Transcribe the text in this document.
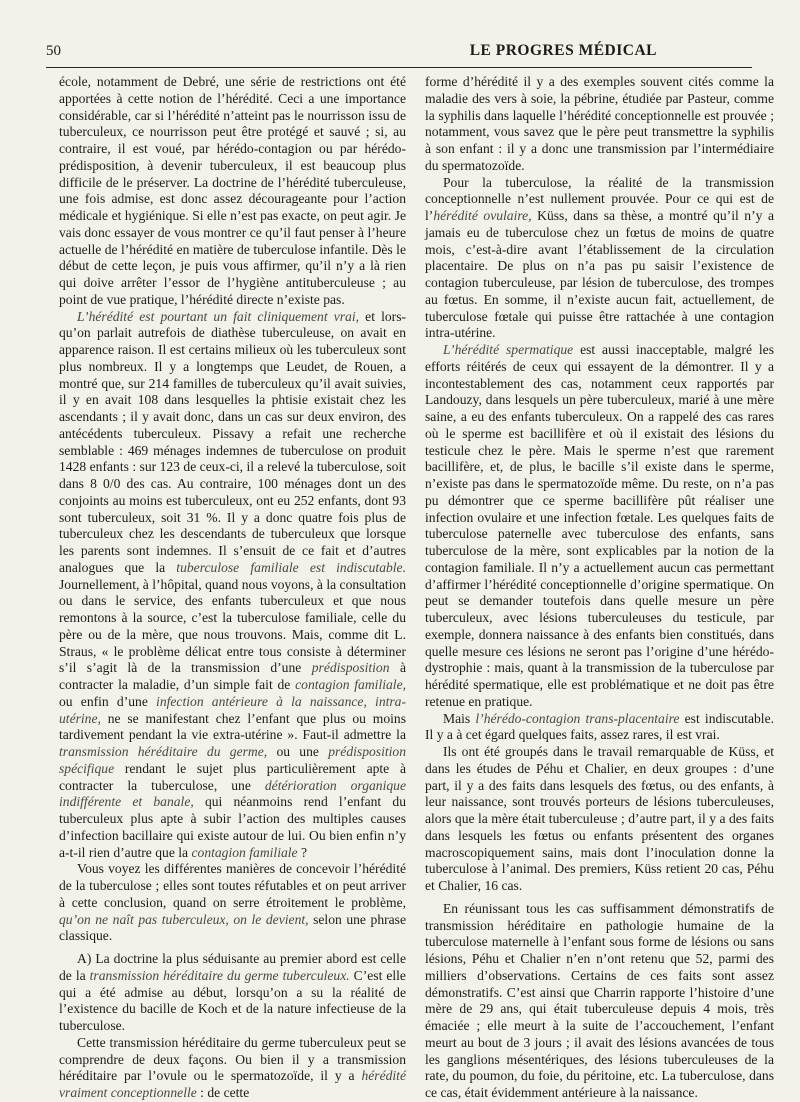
50	LE PROGRES MÉDICAL

école, notamment de Debré, une série de restrictions ont été apportées à cette notion de l’hérédité. Ceci a une importance considérable, car si l’hérédité n’atteint pas le nourrisson issu de tuberculeux, ce nourrisson peut être protégé et sauvé ; si, au contraire, il est voué, par hérédo-contagion ou par hérédo-prédisposition, à devenir tuberculeux, il est beaucoup plus difficile de le préserver. La doctrine de l’hérédité tuberculeuse, une fois admise, est donc assez décourageante pour l’action médicale et hygiénique. Si elle n’est pas exacte, on peut agir. Je vais donc essayer de vous montrer ce qu’il faut penser à l’heure actuelle de l’hérédité en matière de tuberculose infantile. Dès le début de cette leçon, je puis vous affirmer, qu’il n’y a là rien qui doive arrêter l’essor de l’hygiène antituberculeuse ; au point de vue pratique, l’hérédité directe n’existe pas.

L’hérédité est pourtant un fait cliniquement vrai, et lors-qu’on parlait autrefois de diathèse tuberculeuse, on avait en apparence raison. Il est certains milieux où les tuberculeux sont plus nombreux. Il y a longtemps que Leudet, de Rouen, a montré que, sur 214 familles de tuberculeux qu’il avait suivies, il y en avait 108 dans lesquelles la phtisie existait chez les ascendants ; il y avait donc, dans un cas sur deux environ, des antécédents tuberculeux. Pissavy a refait une recherche semblable : 469 ménages indemnes de tuberculose on produit 1428 enfants : sur 123 de ceux-ci, il a relevé la tuberculose, soit dans 8 0/0 des cas. Au contraire, 100 ménages dont un des conjoints au moins est tuberculeux, ont eu 252 enfants, dont 93 sont tuberculeux, soit 31 %. Il y a donc quatre fois plus de tuberculeux chez les descendants de tuberculeux que lorsque les parents sont indemnes. Il s’ensuit de ce fait et d’autres analogues que la tuberculose familiale est indiscutable. Journellement, à l’hôpital, quand nous voyons, à la consultation ou dans le service, des enfants tuberculeux et que nous remontons à la source, c’est la tuberculose familiale, celle du père ou de la mère, que nous trouvons. Mais, comme dit L. Straus, « le problème délicat entre tous consiste à déterminer s’il s’agit là de la transmission d’une prédisposition à contracter la maladie, d’un simple fait de contagion familiale, ou enfin d’une infection antérieure à la naissance, intra-utérine, ne se manifestant chez l’enfant que plus ou moins tardivement pendant la vie extra-utérine ». Faut-il admettre la transmission héréditaire du germe, ou une prédisposition spécifique rendant le sujet plus particulièrement apte à contracter la tuberculose, une détérioration organique indifférente et banale, qui néanmoins rend l’enfant du tuberculeux plus apte à subir l’action des multiples causes d’infection bacillaire qui existe autour de lui. Ou bien enfin n’y a-t-il rien d’autre que la contagion familiale ?

Vous voyez les différentes manières de concevoir l’hérédité de la tuberculose ; elles sont toutes réfutables et on peut arriver à cette conclusion, quand on serre étroitement le problème, qu’on ne naît pas tuberculeux, on le devient, selon une phrase classique.

A) La doctrine la plus séduisante au premier abord est celle de la transmission héréditaire du germe tuberculeux. C’est elle qui a été admise au début, lorsqu’on a su la réalité de l’existence du bacille de Koch et de la nature infectieuse de la tuberculose.

Cette transmission héréditaire du germe tuberculeux peut se comprendre de deux façons. Ou bien il y a transmission héréditaire par l’ovule ou le spermatozoïde, il y a hérédité vraiment conceptionnelle : de cette

forme d’hérédité il y a des exemples souvent cités comme la maladie des vers à soie, la pébrine, étudiée par Pasteur, comme la syphilis dans laquelle l’hérédité conceptionnelle est prouvée ; notamment, vous savez que le père peut transmettre la syphilis à son enfant : il y a donc une transmission par l’intermédiaire du spermatozoïde.

Pour la tuberculose, la réalité de la transmission conceptionnelle n’est nullement prouvée. Pour ce qui est de l’hérédité ovulaire, Küss, dans sa thèse, a montré qu’il n’y a jamais eu de tuberculose chez un fœtus de moins de quatre mois, c’est-à-dire avant l’établissement de la circulation placentaire. De plus on n’a pas pu saisir l’existence de contagion tuberculeuse, par lésion de tuberculose, des trompes au fœtus. En somme, il n’existe aucun fait, actuellement, de tuberculose fœtale qui puisse être rattachée à une contagion intra-utérine.

L’hérédité spermatique est aussi inacceptable, malgré les efforts réitérés de ceux qui essayent de la démontrer. Il y a incontestablement des cas, notamment ceux rapportés par Landouzy, dans lesquels un père tuberculeux, marié à une mère saine, a eu des enfants tuberculeux. On a rappelé des cas rares où le sperme est bacillifère et où il existait des lésions du testicule chez le père. Mais le sperme n’est que rarement bacillifère, et, de plus, le bacille s’il existe dans le sperme, n’existe pas dans le spermatozoïde même. Du reste, on n’a pas pu démontrer que ce sperme bacillifère pût réaliser une infection ovulaire et une infection fœtale. Les quelques faits de tuberculose paternelle avec tuberculose des enfants, sans tuberculose de la mère, sont explicables par la notion de la contagion familiale. Il n’y a actuellement aucun cas permettant d’affirmer l’hérédité conceptionnelle d’origine spermatique. On peut se demander toutefois dans quelle mesure un père tuberculeux, avec lésions tuberculeuses du testicule, par exemple, donnera naissance à des enfants bien constitués, dans quelle mesure ces lésions ne seront pas l’origine d’une hérédo-dystrophie : mais, quant à la transmission de la tuberculose par hérédité spermatique, elle est problématique et ne doit pas être retenue en pratique.

Mais l’hérédo-contagion trans-placentaire est indiscutable. Il y a à cet égard quelques faits, assez rares, il est vrai.

Ils ont été groupés dans le travail remarquable de Küss, et dans les études de Péhu et Chalier, en deux groupes : d’une part, il y a des faits dans lesquels des fœtus, ou des enfants, à leur naissance, sont trouvés porteurs de lésions tuberculeuses, alors que la mère était tuberculeuse ; d’autre part, il y a des faits dans lesquels les fœtus ou enfants présentent des organes macroscopiquement sains, mais dont l’inoculation donne la tuberculose à l’animal. Des premiers, Küss retient 20 cas, Péhu et Chalier, 16 cas.

En réunissant tous les cas suffisamment démonstratifs de transmission héréditaire en pathologie humaine de la tuberculose maternelle à l’enfant sous forme de lésions ou sans lésions, Péhu et Chalier n’en n’ont retenu que 52, parmi des milliers d’observations. Certains de ces faits sont assez démonstratifs. C’est ainsi que Charrin rapporte l’histoire d’une mère de 29 ans, qui était tuberculeuse depuis 4 mois, très émaciée ; elle meurt à la suite de l’accouchement, l’enfant meurt au bout de 3 jours ; il avait des lésions avancées de tous les ganglions mésentériques, des lésions tuberculeuses de la rate, du poumon, du foie, du péritoine, etc. La tuberculose, dans ce cas, était évidemment antérieure à la naissance.
